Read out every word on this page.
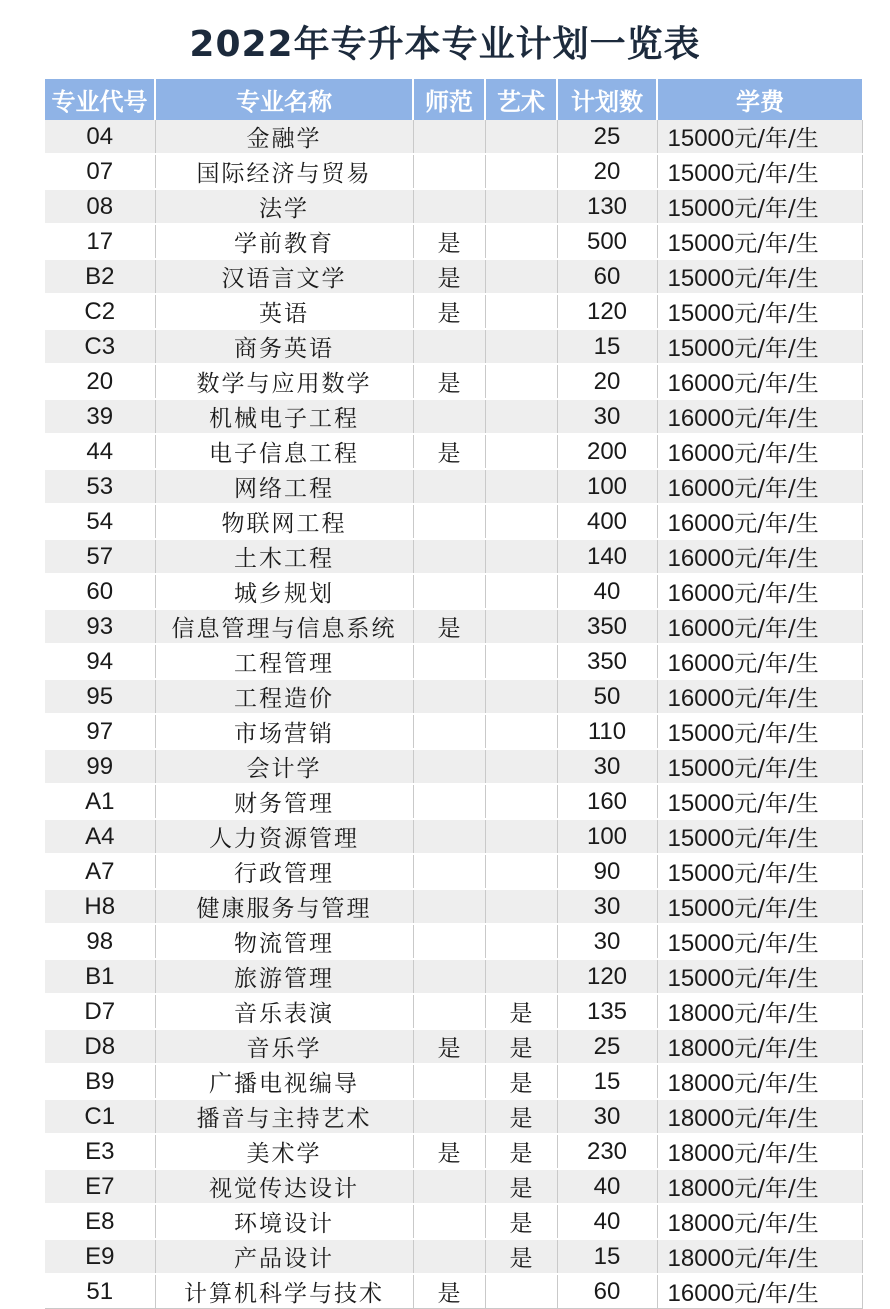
2022年专升本专业计划一览表
专业代号	专业名称	师范	艺术	计划数	学费
04	金融学			25	15000元/年/生
07	国际经济与贸易			20	15000元/年/生
08	法学			130	15000元/年/生
17	学前教育	是		500	15000元/年/生
B2	汉语言文学	是		60	15000元/年/生
C2	英语	是		120	15000元/年/生
C3	商务英语			15	15000元/年/生
20	数学与应用数学	是		20	16000元/年/生
39	机械电子工程			30	16000元/年/生
44	电子信息工程	是		200	16000元/年/生
53	网络工程			100	16000元/年/生
54	物联网工程			400	16000元/年/生
57	土木工程			140	16000元/年/生
60	城乡规划			40	16000元/年/生
93	信息管理与信息系统	是		350	16000元/年/生
94	工程管理			350	16000元/年/生
95	工程造价			50	16000元/年/生
97	市场营销			110	15000元/年/生
99	会计学			30	15000元/年/生
A1	财务管理			160	15000元/年/生
A4	人力资源管理			100	15000元/年/生
A7	行政管理			90	15000元/年/生
H8	健康服务与管理			30	15000元/年/生
98	物流管理			30	15000元/年/生
B1	旅游管理			120	15000元/年/生
D7	音乐表演		是	135	18000元/年/生
D8	音乐学	是	是	25	18000元/年/生
B9	广播电视编导		是	15	18000元/年/生
C1	播音与主持艺术		是	30	18000元/年/生
E3	美术学	是	是	230	18000元/年/生
E7	视觉传达设计		是	40	18000元/年/生
E8	环境设计		是	40	18000元/年/生
E9	产品设计		是	15	18000元/年/生
51	计算机科学与技术	是		60	16000元/年/生
